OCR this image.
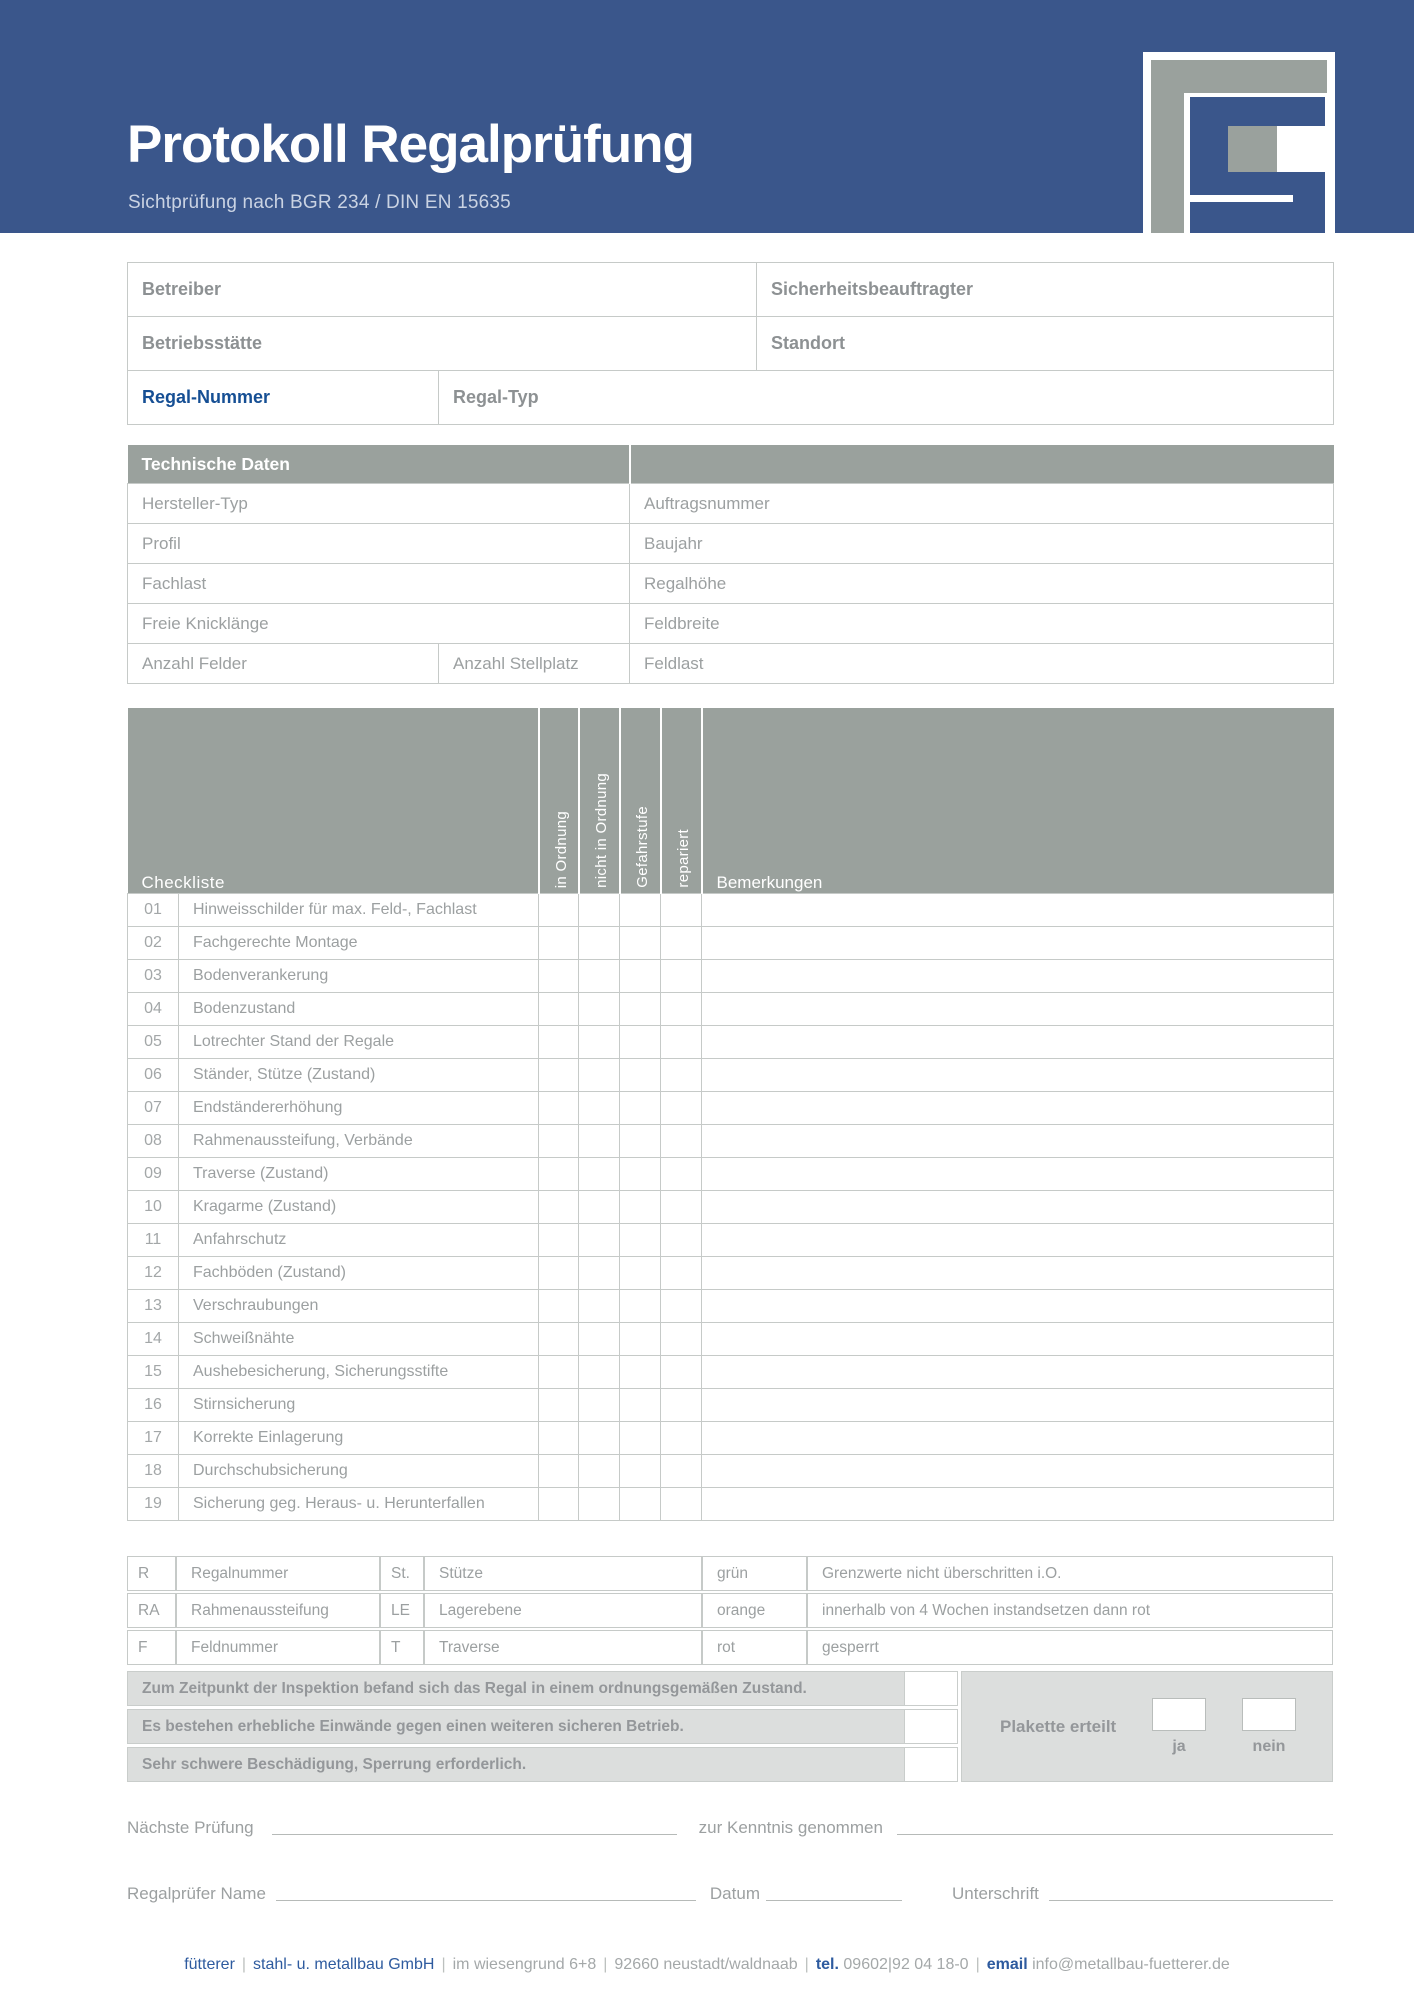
Protokoll Regalprüfung
Sichtprüfung nach BGR 234 / DIN EN 15635
Betreiber		Sicherheitsbeauftragter
Betriebsstätte		Standort
Regal-Nummer	Regal-Typ	
Technische Daten		
Hersteller-Typ		Auftragsnummer
Profil		Baujahr
Fachlast		Regalhöhe
Freie Knicklänge		Feldbreite
Anzahl Felder	Anzahl Stellplatz	Feldlast
Checkliste		in Ordnung	nicht in Ordnung	Gefahrstufe	repariert	Bemerkungen
01	Hinweisschilder für max. Feld-, Fachlast					
02	Fachgerechte Montage					
03	Bodenverankerung					
04	Bodenzustand					
05	Lotrechter Stand der Regale					
06	Ständer, Stütze (Zustand)					
07	Endständererhöhung					
08	Rahmenaussteifung, Verbände					
09	Traverse (Zustand)					
10	Kragarme (Zustand)					
11	Anfahrschutz					
12	Fachböden (Zustand)					
13	Verschraubungen					
14	Schweißnähte					
15	Aushebesicherung, Sicherungsstifte					
16	Stirnsicherung					
17	Korrekte Einlagerung					
18	Durchschubsicherung					
19	Sicherung geg. Heraus- u. Herunterfallen					
R	Regalnummer	St.	Stütze	grün	Grenzwerte nicht überschritten i.O.
RA	Rahmenaussteifung	LE	Lagerebene	orange	innerhalb von 4 Wochen instandsetzen dann rot
F	Feldnummer	T	Traverse	rot	gesperrt
Zum Zeitpunkt der Inspektion befand sich das Regal in einem ordnungsgemäßen Zustand.
Es bestehen erhebliche Einwände gegen einen weiteren sicheren Betrieb.
Sehr schwere Beschädigung, Sperrung erforderlich.
Plakette erteilt
ja	nein
Nächste Prüfung	zur Kenntnis genommen
Regalprüfer Name	Datum	Unterschrift
fütterer | stahl- u. metallbau GmbH | im wiesengrund 6+8 | 92660 neustadt/waldnaab | tel. 09602|92 04 18-0 | email info@metallbau-fuetterer.de
